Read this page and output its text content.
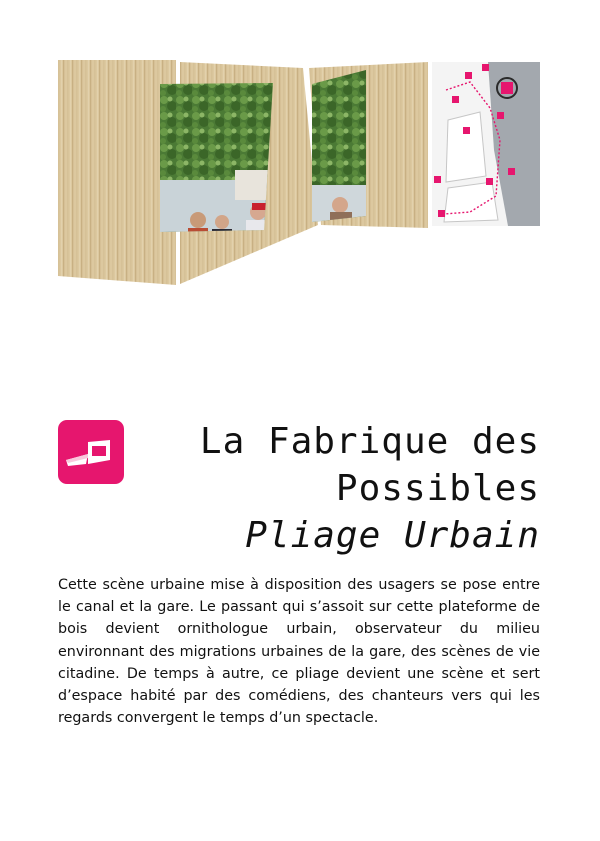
La Fabrique des
Possibles
Pliage Urbain
Cette scène urbaine mise à disposition des usagers se pose entre le canal et la gare. Le passant qui s’assoit sur cette plateforme de bois devient ornithologue urbain, observateur du milieu environnant des migrations urbaines de la gare, des scènes de vie citadine. De temps à autre, ce pliage devient une scène et sert d’espace habité par des comédiens, des chanteurs vers qui les regards convergent le temps d’un spectacle.
